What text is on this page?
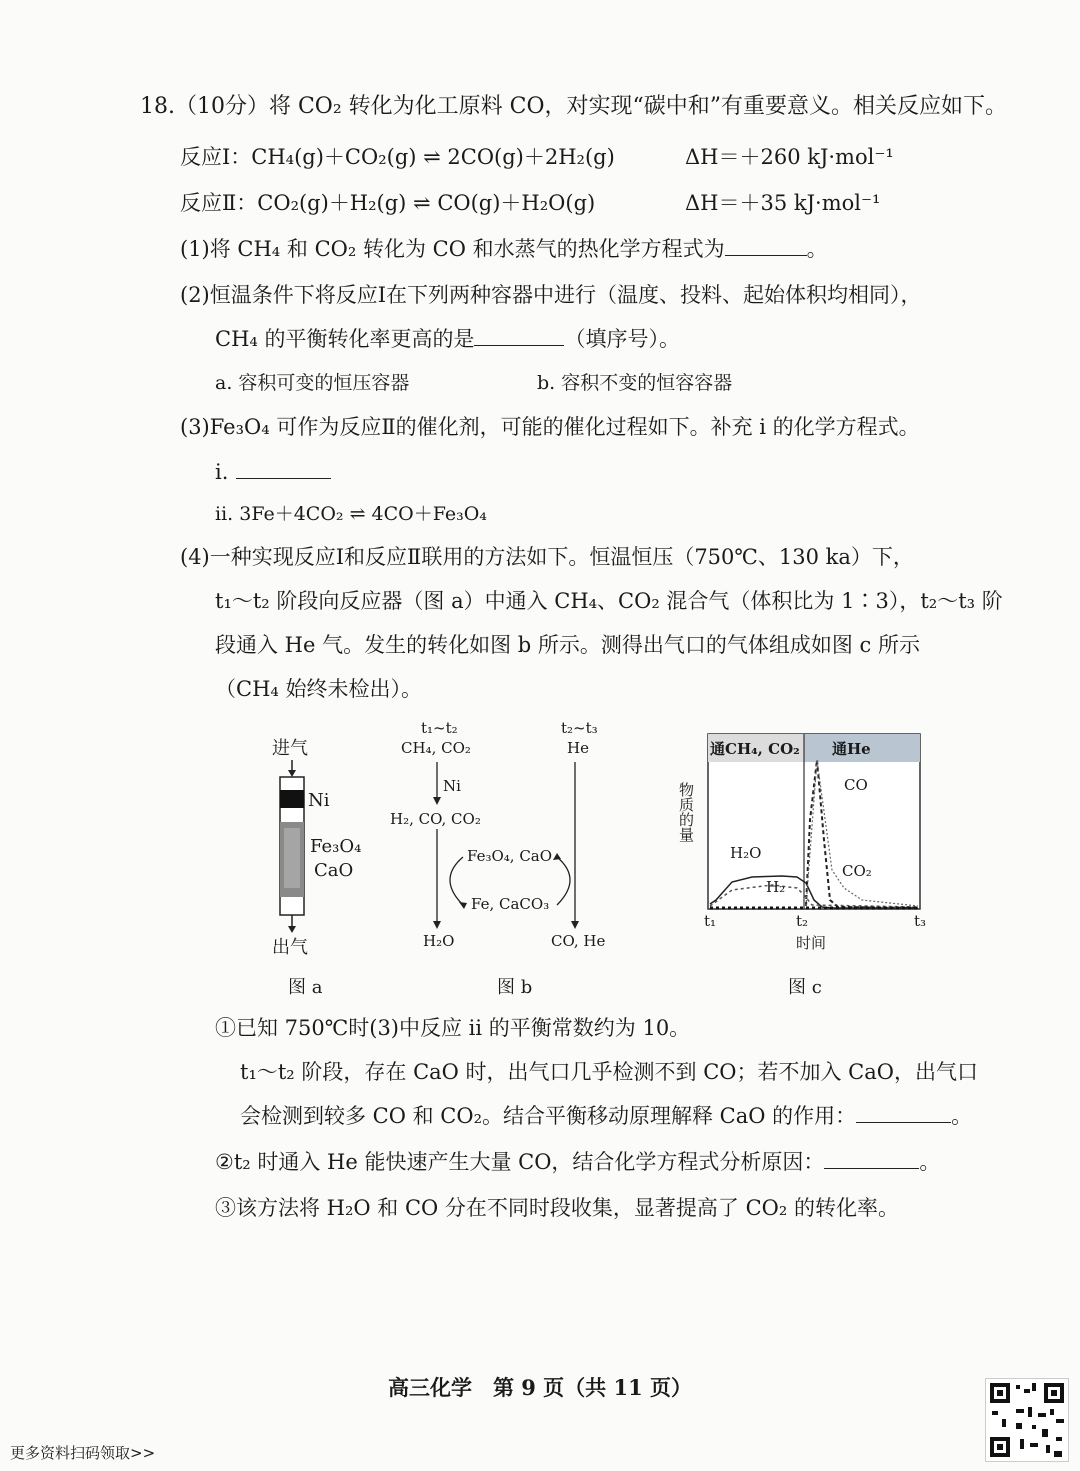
18.（10分）将 CO₂ 转化为化工原料 CO，对实现“碳中和”有重要意义。相关反应如下。
反应Ⅰ：CH₄(g)＋CO₂(g) ⇌ 2CO(g)＋2H₂(g)	ΔH＝＋260 kJ·mol⁻¹
反应Ⅱ：CO₂(g)＋H₂(g) ⇌ CO(g)＋H₂O(g)	ΔH＝＋35 kJ·mol⁻¹
(1)将 CH₄ 和 CO₂ 转化为 CO 和水蒸气的热化学方程式为	。
(2)恒温条件下将反应Ⅰ在下列两种容器中进行（温度、投料、起始体积均相同），
CH₄ 的平衡转化率更高的是	（填序号）。
a. 容积可变的恒压容器	b. 容积不变的恒容容器
(3)Fe₃O₄ 可作为反应Ⅱ的催化剂，可能的催化过程如下。补充 ⅰ 的化学方程式。
ⅰ.
ⅱ. 3Fe＋4CO₂ ⇌ 4CO＋Fe₃O₄
(4)一种实现反应Ⅰ和反应Ⅱ联用的方法如下。恒温恒压（750℃、130 ka）下，
t₁～t₂ 阶段向反应器（图 a）中通入 CH₄、CO₂ 混合气（体积比为 1∶3），t₂～t₃ 阶
段通入 He 气。发生的转化如图 b 所示。测得出气口的气体组成如图 c 所示
（CH₄ 始终未检出）。
进气
Ni
Fe₃O₄
CaO
出气
图 a
t₁~t₂
CH₄, CO₂
Ni
H₂, CO, CO₂
Fe₃O₄, CaO
Fe, CaCO₃
H₂O
t₂~t₃
He
CO, He
图 b
通CH₄, CO₂ 通He
物质的量	CO
H₂O
H₂
CO₂
t₁	t₂	t₃
时间
图 c
①已知 750℃时(3)中反应 ⅱ 的平衡常数约为 10。
t₁～t₂ 阶段，存在 CaO 时，出气口几乎检测不到 CO；若不加入 CaO，出气口
会检测到较多 CO 和 CO₂。结合平衡移动原理解释 CaO 的作用：	。
②t₂ 时通入 He 能快速产生大量 CO，结合化学方程式分析原因：	。
③该方法将 H₂O 和 CO 分在不同时段收集，显著提高了 CO₂ 的转化率。
高三化学　第 9 页（共 11 页）
更多资料扫码领取>>
